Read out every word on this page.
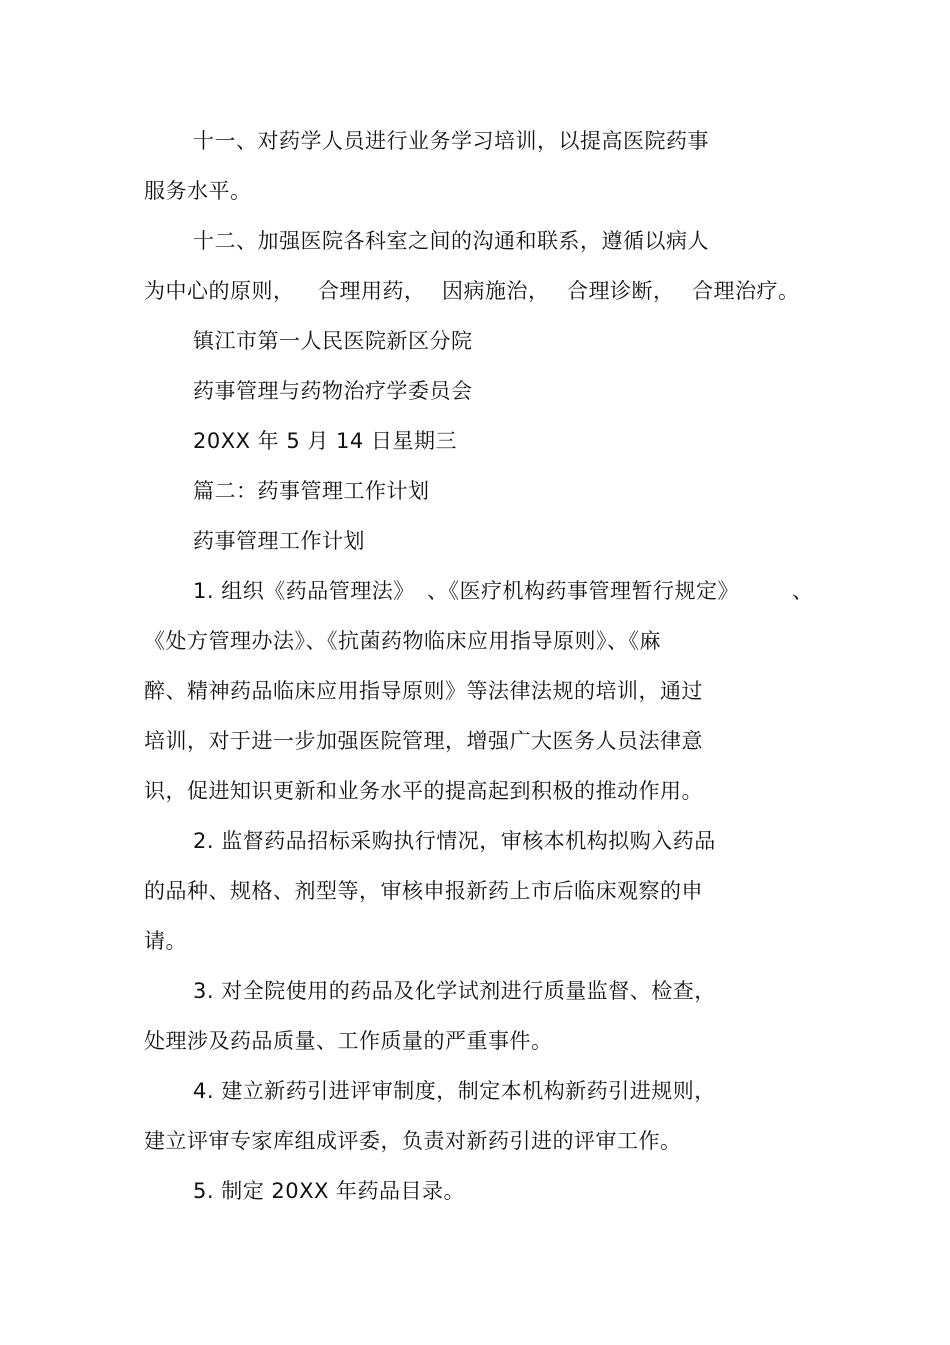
十一、对药学人员进行业务学习培训，以提高医院药事
服务水平。
十二、加强医院各科室之间的沟通和联系，遵循以病人
为中心的原则， 合理用药， 因病施治， 合理诊断， 合理治疗。
镇江市第一人民医院新区分院
药事管理与药物治疗学委员会
20XX 年 5 月 14 日星期三
篇二：药事管理工作计划
药事管理工作计划
1. 组织《药品管理法》 、《医疗机构药事管理暂行规定》	、
《处方管理办法》、《抗菌药物临床应用指导原则》、《麻
醉、精神药品临床应用指导原则》等法律法规的培训，通过
培训，对于进一步加强医院管理，增强广大医务人员法律意
识，促进知识更新和业务水平的提高起到积极的推动作用。
2. 监督药品招标采购执行情况，审核本机构拟购入药品
的品种、规格、剂型等，审核申报新药上市后临床观察的申
请。
3. 对全院使用的药品及化学试剂进行质量监督、检查，
处理涉及药品质量、工作质量的严重事件。
4. 建立新药引进评审制度，制定本机构新药引进规则，
建立评审专家库组成评委，负责对新药引进的评审工作。
5. 制定 20XX 年药品目录。
